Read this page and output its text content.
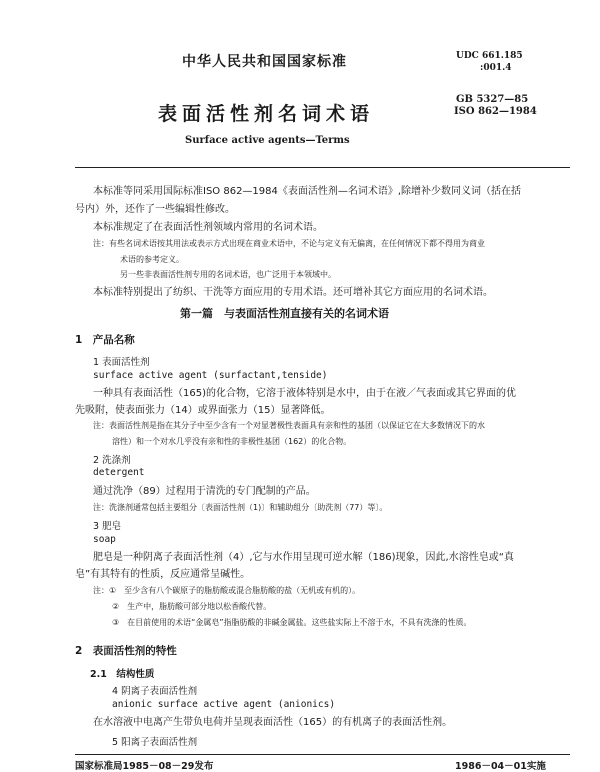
中华人民共和国国家标准	UDC 661.185
:001.4
表面活性剂名词术语
GB 5327—85
ISO 862—1984
Surface active agents—Terms
本标准等同采用国际标准ISO 862—1984《表面活性剂—名词术语》,除增补少数同义词（括在括
号内）外，还作了一些编辑性修改。
本标准规定了在表面活性剂领域内常用的名词术语。
注：有些名词术语按其用法或表示方式出现在商业术语中，不论与定义有无偏离，在任何情况下都不得用为商业
术语的参考定义。
另一些非表面活性剂专用的名词术语，也广泛用于本领域中。
本标准特别提出了纺织、干洗等方面应用的专用术语。还可增补其它方面应用的名词术语。
第一篇　与表面活性剂直接有关的名词术语
1　产品名称
1 表面活性剂
surface active agent (surfactant,tenside)
一种具有表面活性（165)的化合物，它溶于液体特别是水中，由于在液／气表面或其它界面的优
先吸附，使表面张力（14）或界面张力（15）显著降低。
注：表面活性剂是指在其分子中至少含有一个对显著极性表面具有亲和性的基团（以保证它在大多数情况下的水
溶性）和一个对水几乎没有亲和性的非极性基团（162）的化合物。
2 洗涤剂
detergent
通过洗净（89）过程用于清洗的专门配制的产品。
注：洗涤剂通常包括主要组分〔表面活性剂（1)〕和辅助组分〔助洗剂（77）等〕。
3 肥皂
soap
肥皂是一种阴离子表面活性剂（4）,它与水作用呈现可逆水解（186)现象，因此,水溶性皂或“真
皂”有其特有的性质，反应通常呈碱性。
注：①　至少含有八个碳原子的脂肪酸或混合脂肪酸的盐（无机或有机的）。
②　生产中，脂肪酸可部分地以松香酸代替。
③　在目前使用的术语“金属皂”指脂肪酸的非碱金属盐。这些盐实际上不溶于水，不具有洗涤的性质。
2　表面活性剂的特性
2.1　结构性质
4 阴离子表面活性剂
anionic surface active agent (anionics)
在水溶液中电离产生带负电荷并呈现表面活性（165）的有机离子的表面活性剂。
5 阳离子表面活性剂
国家标准局1985－08－29发布	1986－04－01实施
